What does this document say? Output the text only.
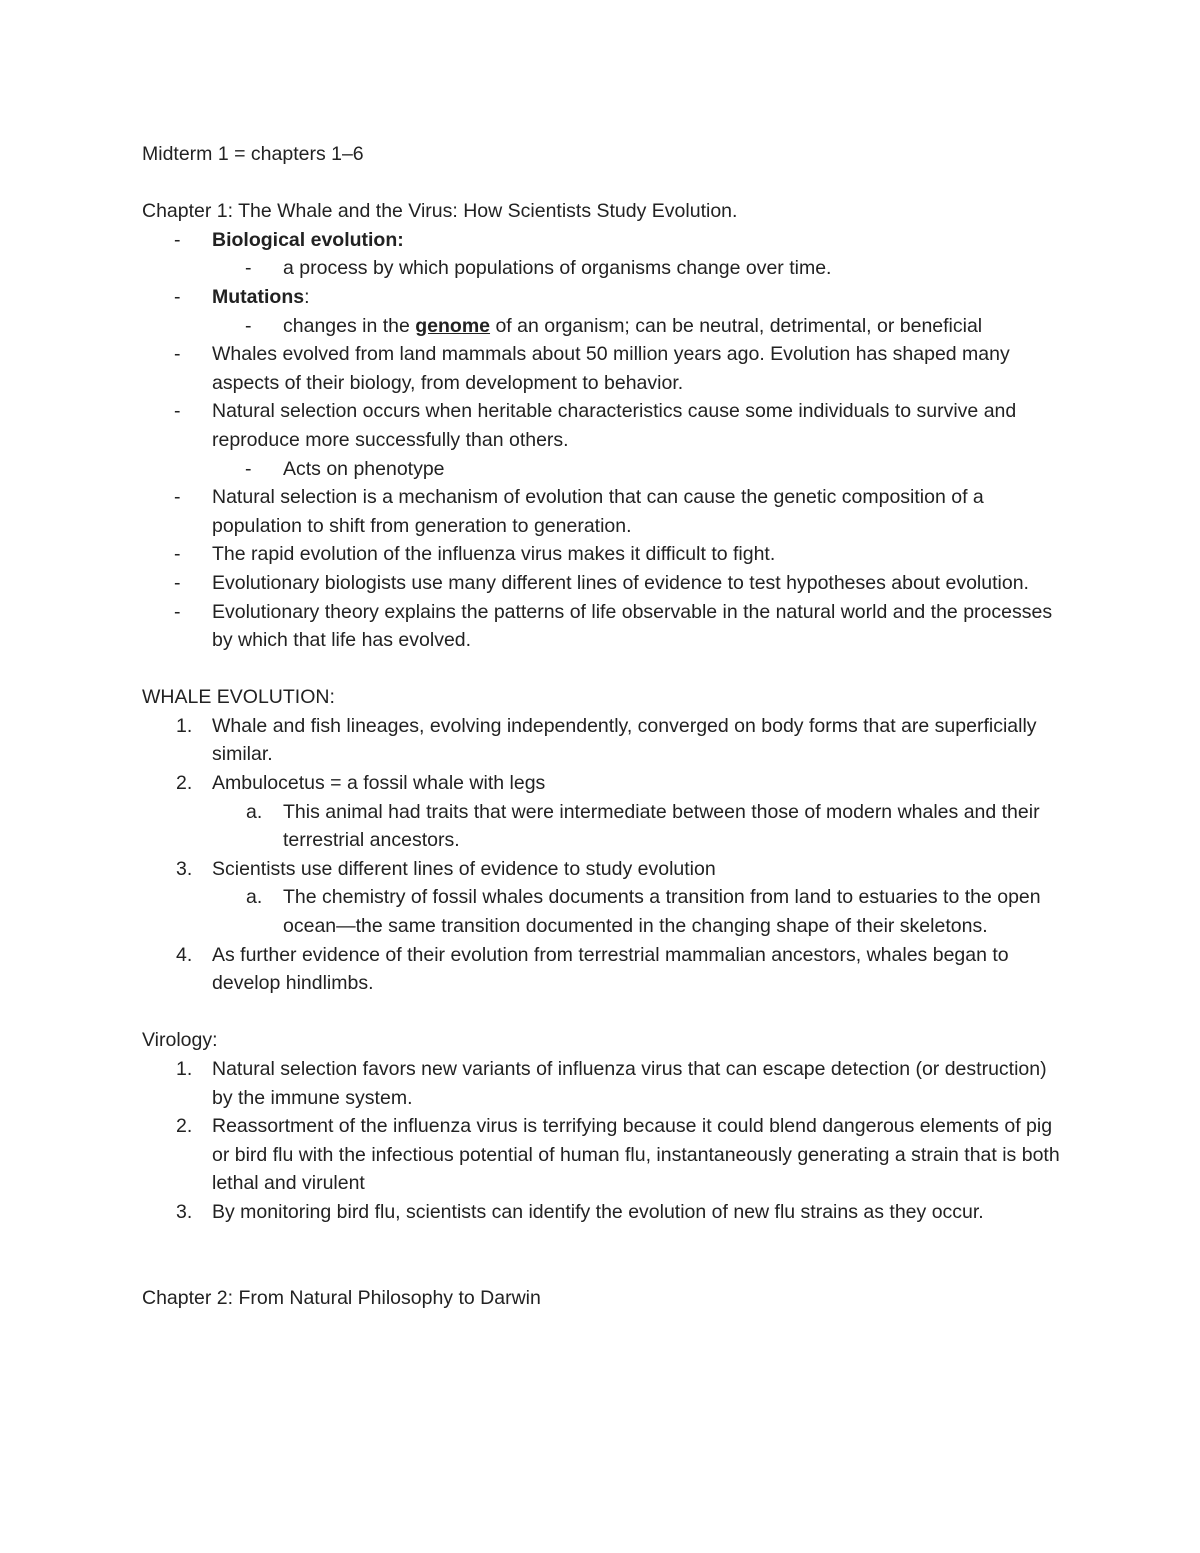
Midterm 1 = chapters 1–6
Chapter 1: The Whale and the Virus: How Scientists Study Evolution.
-	Biological evolution:
-	a process by which populations of organisms change over time.
-	Mutations:
-	changes in the genome of an organism; can be neutral, detrimental, or beneficial
-	Whales evolved from land mammals about 50 million years ago. Evolution has shaped many aspects of their biology, from development to behavior.
-	Natural selection occurs when heritable characteristics cause some individuals to survive and reproduce more successfully than others.
-	Acts on phenotype
-	Natural selection is a mechanism of evolution that can cause the genetic composition of a population to shift from generation to generation.
-	The rapid evolution of the influenza virus makes it difficult to fight.
-	Evolutionary biologists use many different lines of evidence to test hypotheses about evolution.
-	Evolutionary theory explains the patterns of life observable in the natural world and the processes by which that life has evolved.
WHALE EVOLUTION:
1.	Whale and fish lineages, evolving independently, converged on body forms that are superficially similar.
2.	Ambulocetus = a fossil whale with legs
a.	This animal had traits that were intermediate between those of modern whales and their terrestrial ancestors.
3.	Scientists use different lines of evidence to study evolution
a.	The chemistry of fossil whales documents a transition from land to estuaries to the open ocean—the same transition documented in the changing shape of their skeletons.
4.	As further evidence of their evolution from terrestrial mammalian ancestors, whales began to develop hindlimbs.
Virology:
1.	Natural selection favors new variants of influenza virus that can escape detection (or destruction) by the immune system.
2.	Reassortment of the influenza virus is terrifying because it could blend dangerous elements of pig or bird flu with the infectious potential of human flu, instantaneously generating a strain that is both lethal and virulent
3.	By monitoring bird flu, scientists can identify the evolution of new flu strains as they occur.
Chapter 2: From Natural Philosophy to Darwin
